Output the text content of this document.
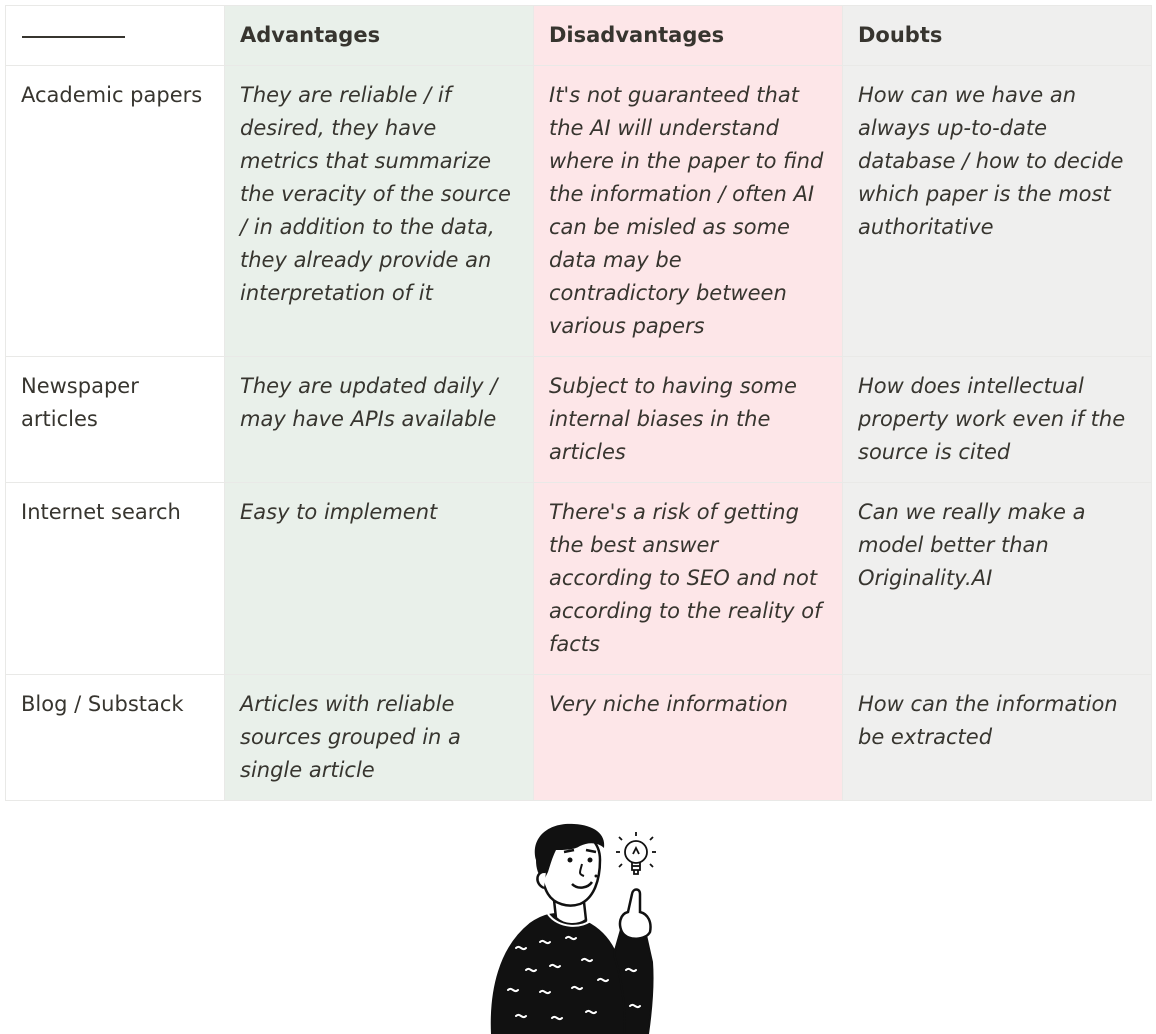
	Advantages	Disadvantages	Doubts
Academic papers	They are reliable / if desired, they have metrics that summarize the veracity of the source / in addition to the data, they already provide an interpretation of it	It's not guaranteed that the AI will understand where in the paper to find the information / often AI can be misled as some data may be contradictory between various papers	How can we have an always up-to-date database / how to decide which paper is the most authoritative
Newspaper articles	They are updated daily / may have APIs available	Subject to having some internal biases in the articles	How does intellectual property work even if the source is cited
Internet search	Easy to implement	There's a risk of getting the best answer according to SEO and not according to the reality of facts	Can we really make a model better than Originality.AI
Blog / Substack	Articles with reliable sources grouped in a single article	Very niche information	How can the information be extracted
